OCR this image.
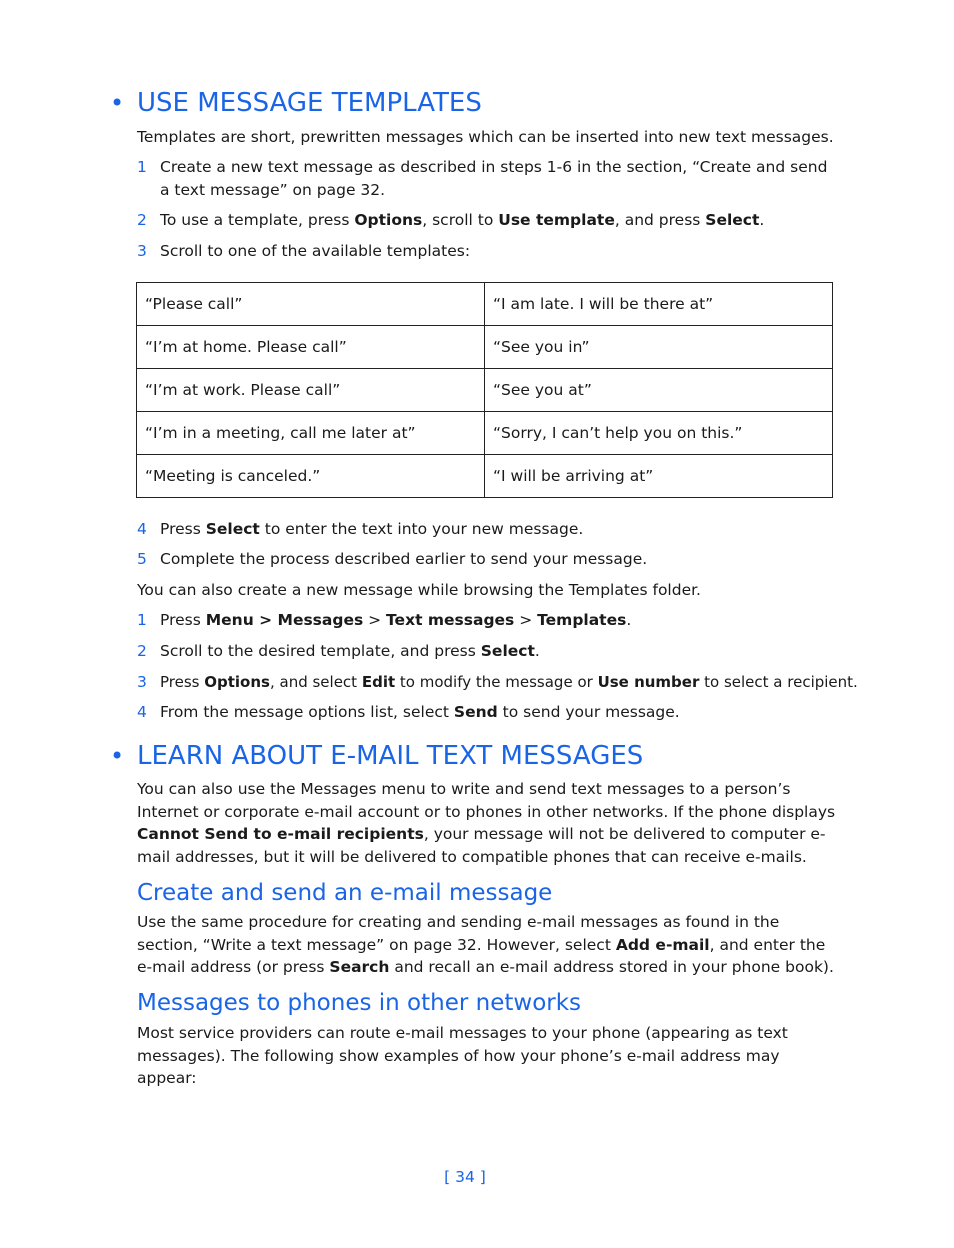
• USE MESSAGE TEMPLATES

Templates are short, prewritten messages which can be inserted into new text messages.

1 Create a new text message as described in steps 1-6 in the section, “Create and send a text message” on page 32.
2 To use a template, press Options, scroll to Use template, and press Select.
3 Scroll to one of the available templates:
“Please call”	“I am late. I will be there at”
“I’m at home. Please call”	“See you in”
“I’m at work. Please call”	“See you at”
“I’m in a meeting, call me later at”	“Sorry, I can’t help you on this.”
“Meeting is canceled.”	“I will be arriving at”
4 Press Select to enter the text into your new message.
5 Complete the process described earlier to send your message.

You can also create a new message while browsing the Templates folder.

1 Press Menu > Messages > Text messages > Templates.
2 Scroll to the desired template, and press Select.
3 Press Options, and select Edit to modify the message or Use number to select a recipient.
4 From the message options list, select Send to send your message.
• LEARN ABOUT E-MAIL TEXT MESSAGES

You can also use the Messages menu to write and send text messages to a person’s Internet or corporate e-mail account or to phones in other networks. If the phone displays Cannot Send to e-mail recipients, your message will not be delivered to computer e-mail addresses, but it will be delivered to compatible phones that can receive e-mails.

Create and send an e-mail message

Use the same procedure for creating and sending e-mail messages as found in the section, “Write a text message” on page 32. However, select Add e-mail, and enter the e-mail address (or press Search and recall an e-mail address stored in your phone book).

Messages to phones in other networks

Most service providers can route e-mail messages to your phone (appearing as text messages). The following show examples of how your phone’s e-mail address may appear:

[ 34 ]
